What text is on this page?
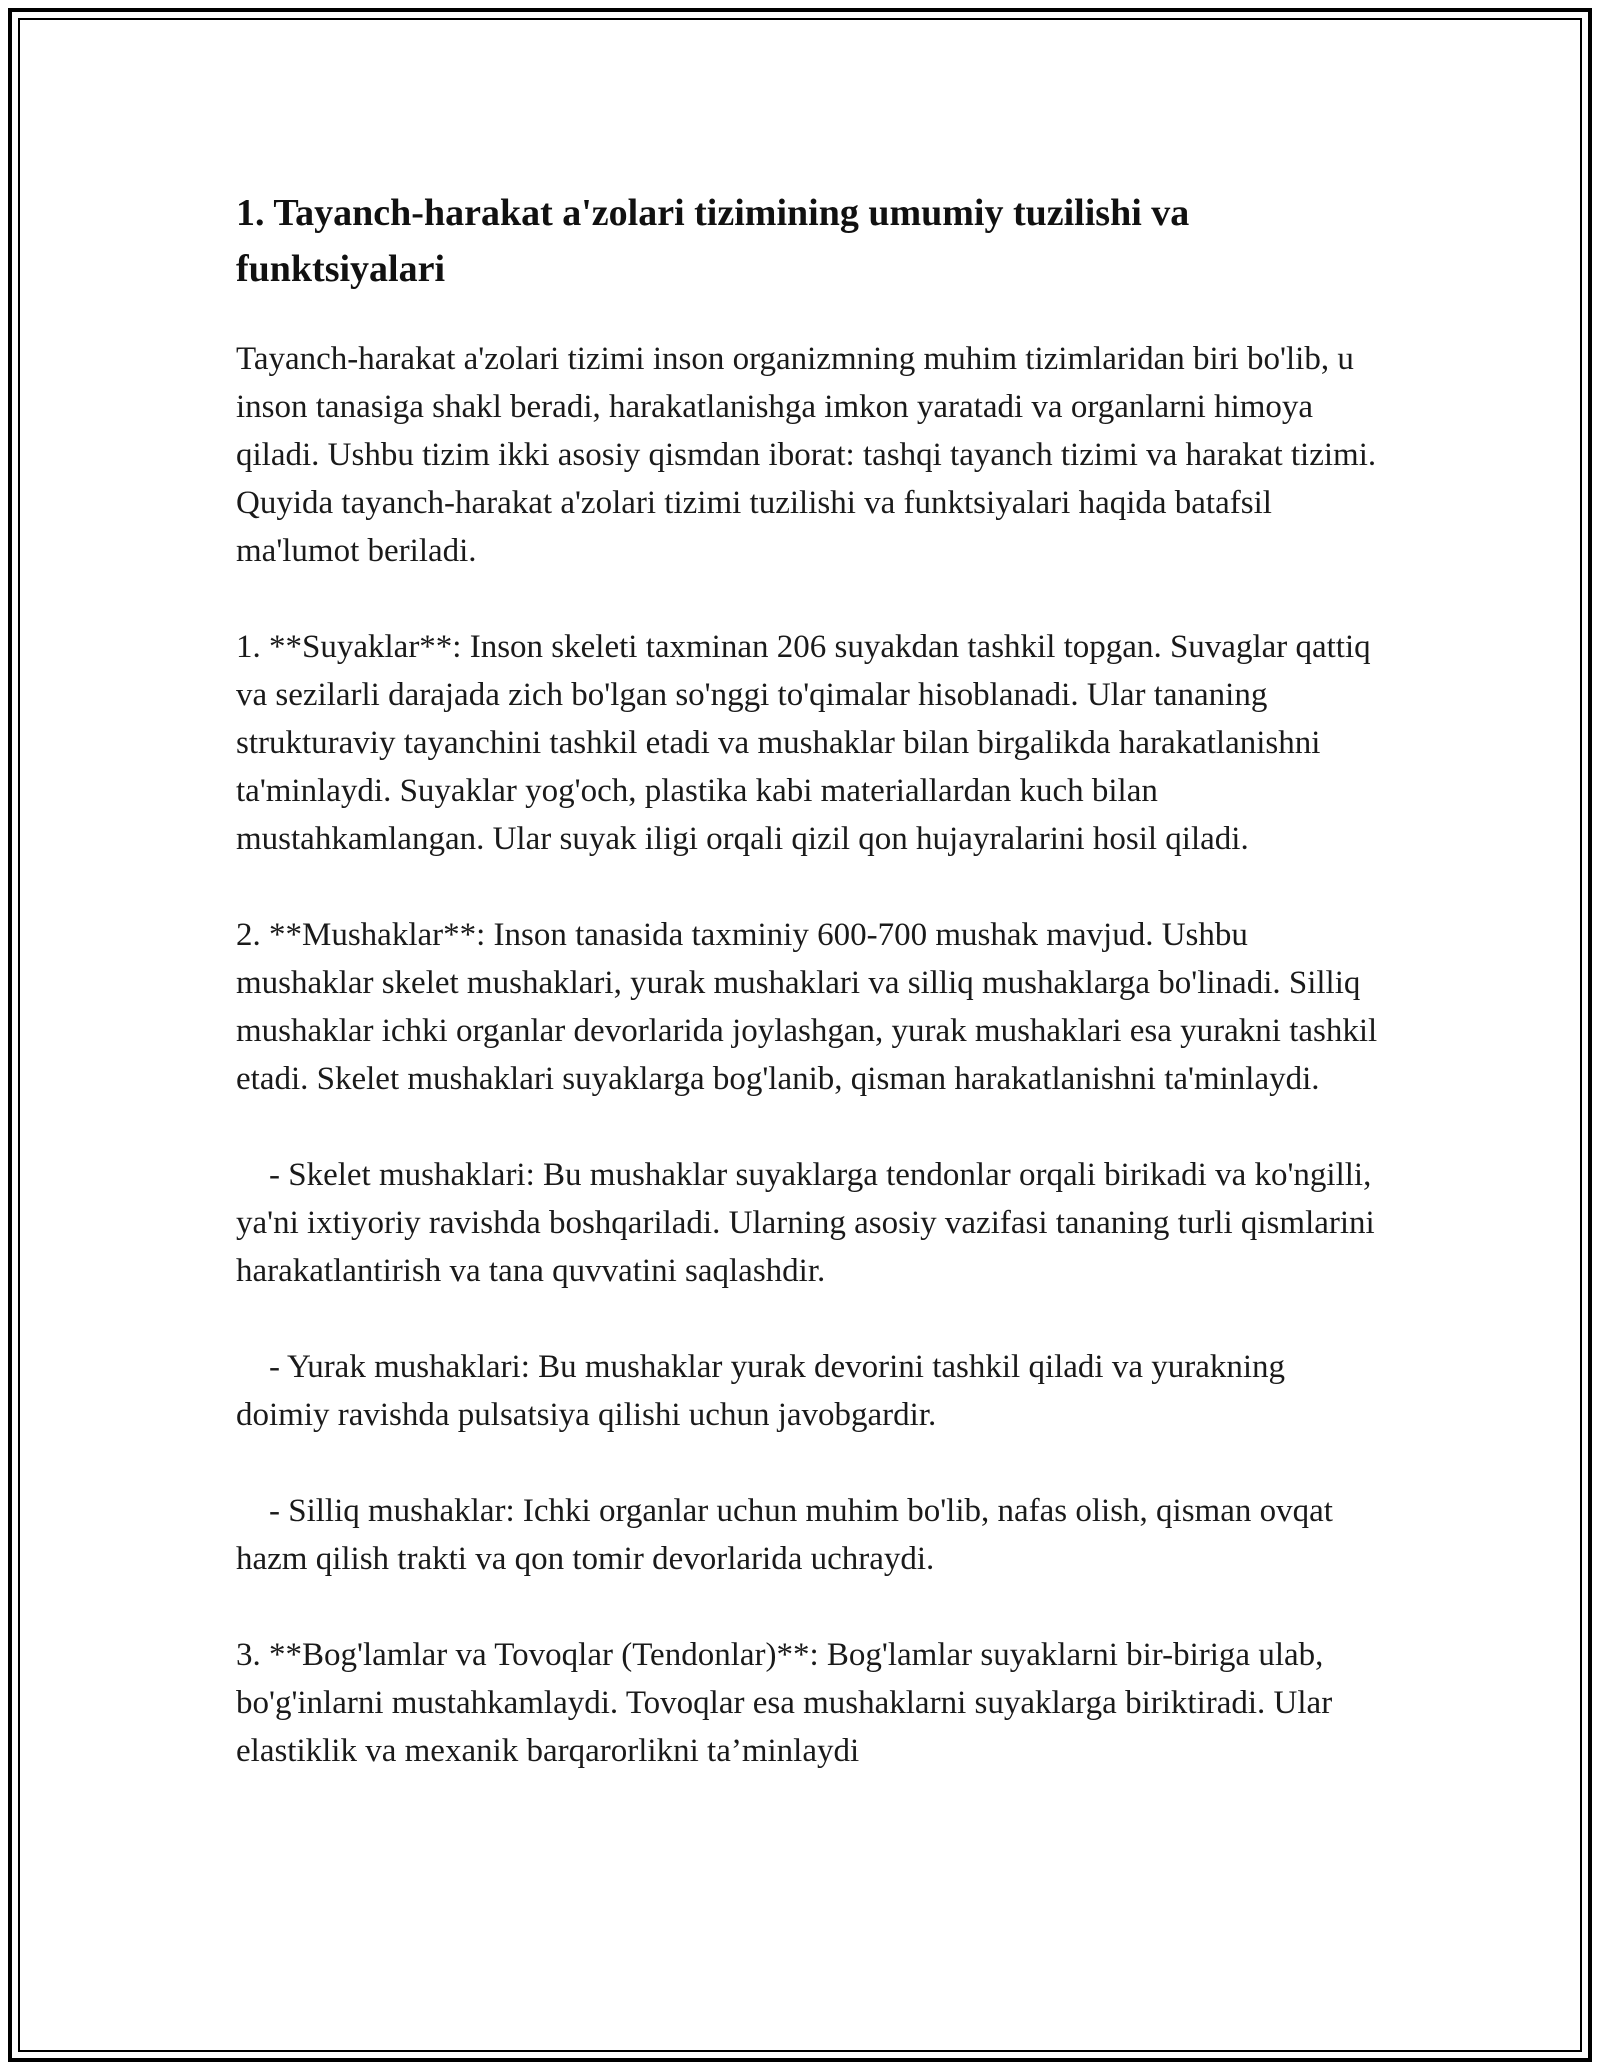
1. Tayanch-harakat a'zolari tizimining umumiy tuzilishi va funktsiyalari

Tayanch-harakat a'zolari tizimi inson organizmning muhim tizimlaridan biri bo'lib, u inson tanasiga shakl beradi, harakatlanishga imkon yaratadi va organlarni himoya qiladi. Ushbu tizim ikki asosiy qismdan iborat: tashqi tayanch tizimi va harakat tizimi. Quyida tayanch-harakat a'zolari tizimi tuzilishi va funktsiyalari haqida batafsil ma'lumot beriladi.

1. **Suyaklar**: Inson skeleti taxminan 206 suyakdan tashkil topgan. Suvaglar qattiq va sezilarli darajada zich bo'lgan so'nggi to'qimalar hisoblanadi. Ular tananing strukturaviy tayanchini tashkil etadi va mushaklar bilan birgalikda harakatlanishni ta'minlaydi. Suyaklar yog'och, plastika kabi materiallardan kuch bilan mustahkamlangan. Ular suyak iligi orqali qizil qon hujayralarini hosil qiladi.

2. **Mushaklar**: Inson tanasida taxminiy 600-700 mushak mavjud. Ushbu mushaklar skelet mushaklari, yurak mushaklari va silliq mushaklarga bo'linadi. Silliq mushaklar ichki organlar devorlarida joylashgan, yurak mushaklari esa yurakni tashkil etadi. Skelet mushaklari suyaklarga bog'lanib, qisman harakatlanishni ta'minlaydi.

- Skelet mushaklari: Bu mushaklar suyaklarga tendonlar orqali birikadi va ko'ngilli, ya'ni ixtiyoriy ravishda boshqariladi. Ularning asosiy vazifasi tananing turli qismlarini harakatlantirish va tana quvvatini saqlashdir.

- Yurak mushaklari: Bu mushaklar yurak devorini tashkil qiladi va yurakning doimiy ravishda pulsatsiya qilishi uchun javobgardir.

- Silliq mushaklar: Ichki organlar uchun muhim bo'lib, nafas olish, qisman ovqat hazm qilish trakti va qon tomir devorlarida uchraydi.

3. **Bog'lamlar va Tovoqlar (Tendonlar)**: Bog'lamlar suyaklarni bir-biriga ulab, bo'g'inlarni mustahkamlaydi. Tovoqlar esa mushaklarni suyaklarga biriktiradi. Ular elastiklik va mexanik barqarorlikni ta’minlaydi
